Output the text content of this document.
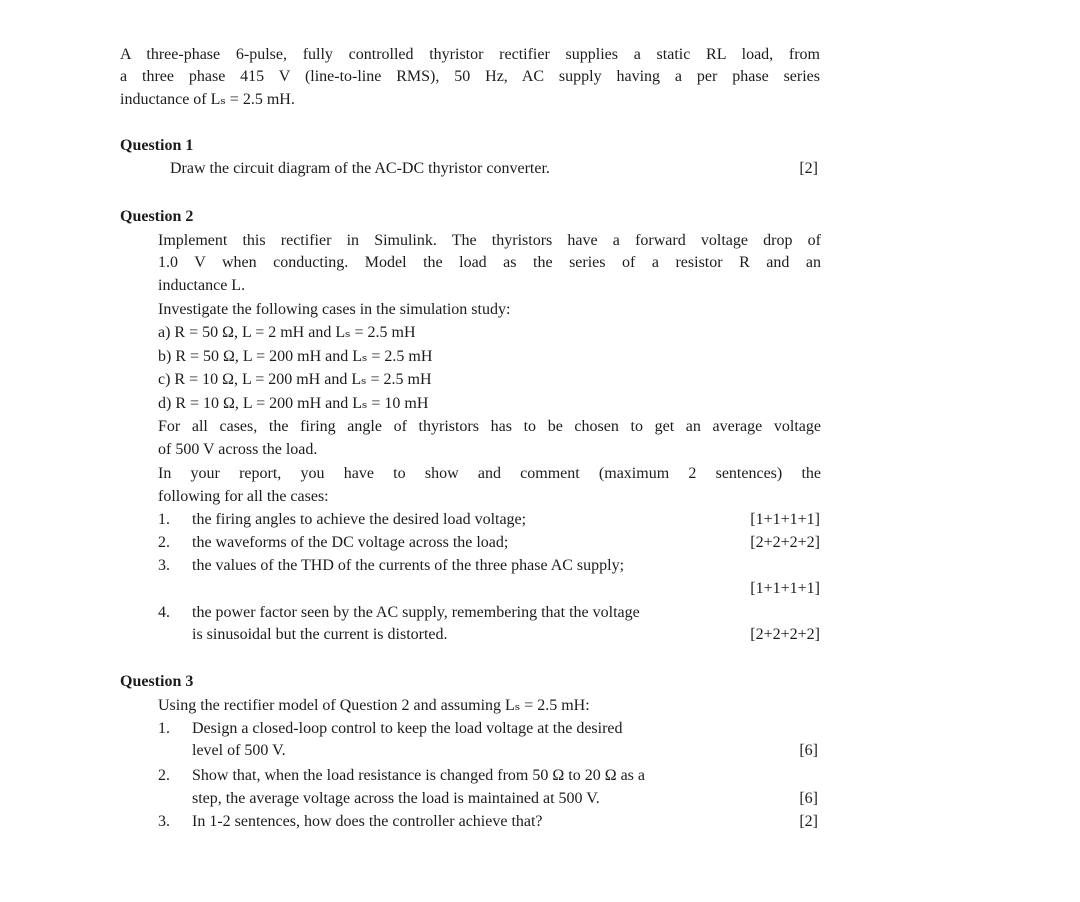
A three-phase 6-pulse, fully controlled thyristor rectifier supplies a static RL load, from
a three phase 415 V (line-to-line RMS), 50 Hz, AC supply having a per phase series
inductance of Lₛ = 2.5 mH.
Question 1
Draw the circuit diagram of the AC-DC thyristor converter.	[2]
Question 2
Implement this rectifier in Simulink. The thyristors have a forward voltage drop of
1.0 V when conducting. Model the load as the series of a resistor R and an
inductance L.
Investigate the following cases in the simulation study:
a) R = 50 Ω, L = 2 mH and Lₛ = 2.5 mH
b) R = 50 Ω, L = 200 mH and Lₛ = 2.5 mH
c) R = 10 Ω, L = 200 mH and Lₛ = 2.5 mH
d) R = 10 Ω, L = 200 mH and Lₛ = 10 mH
For all cases, the firing angle of thyristors has to be chosen to get an average voltage
of 500 V across the load.
In your report, you have to show and comment (maximum 2 sentences) the
following for all the cases:
1. the firing angles to achieve the desired load voltage;	[1+1+1+1]
2. the waveforms of the DC voltage across the load;	[2+2+2+2]
3. the values of the THD of the currents of the three phase AC supply;
[1+1+1+1]
4. the power factor seen by the AC supply, remembering that the voltage
is sinusoidal but the current is distorted.	[2+2+2+2]
Question 3
Using the rectifier model of Question 2 and assuming Lₛ = 2.5 mH:
1. Design a closed-loop control to keep the load voltage at the desired
level of 500 V.	[6]
2. Show that, when the load resistance is changed from 50 Ω to 20 Ω as a
step, the average voltage across the load is maintained at 500 V.	[6]
3. In 1-2 sentences, how does the controller achieve that?	[2]
